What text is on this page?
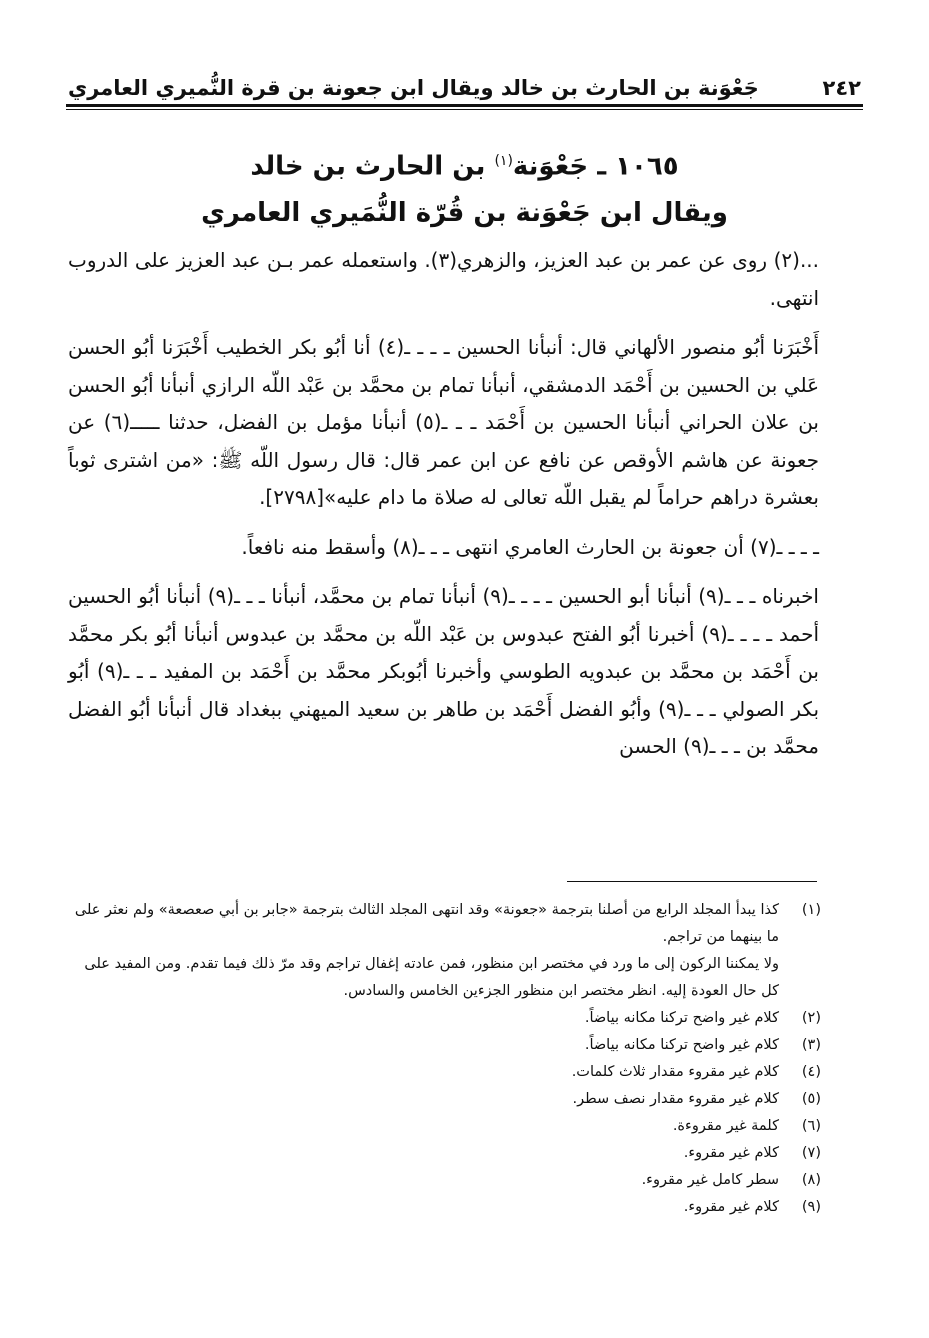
٢٤٢
جَعْوَنة بن الحارث بن خالد ويقال ابن جعونة بن قرة النُّميري العامري
١٠٦٥ ـ جَعْوَنة$^{(١)}$ بن الحارث بن خالد
ويقال ابن جَعْوَنة بن قُرّة النُّمَيري العامري

...(٢) روى عن عمر بن عبد العزيز، والزهري(٣). واستعمله عمر بـن عبد العزيز على الدروب انتهى.

أَخْبَرَنا أبُو منصور الألهاني قال: أنبأنا الحسين ـ ـ ـ ـ(٤) أنا أبُو بكر الخطيب أَخْبَرَنا أبُو الحسن عَلي بن الحسين بن أَحْمَد الدمشقي، أنبأنا تمام بن محمَّد بن عَبْد اللّه الرازي أنبأنا أبُو الحسن بن علان الحراني أنبأنا الحسين بن أَحْمَد ـ ـ ـ(٥) أنبأنا مؤمل بن الفضل، حدثنا ـــــ(٦) عن جعونة عن هاشم الأوقص عن نافع عن ابن عمر قال: قال رسول اللّه ﷺ: «من اشترى ثوباً بعشرة دراهم حراماً لم يقبل اللّه تعالى له صلاة ما دام عليه»[٢٧٩٨].

ـ ـ ـ ـ(٧) أن جعونة بن الحارث العامري انتهى ـ ـ ـ(٨) وأسقط منه نافعاً.

اخبرناه ـ ـ ـ(٩) أنبأنا أبو الحسين ـ ـ ـ ـ(٩) أنبأنا تمام بن محمَّد، أنبأنا ـ ـ ـ(٩) أنبأنا أبُو الحسين أحمد ـ ـ ـ ـ(٩) أخبرنا أبُو الفتح عبدوس بن عَبْد اللّه بن محمَّد بن عبدوس أنبأنا أبُو بكر محمَّد بن أَحْمَد بن محمَّد بن عبدويه الطوسي وأخبرنا أبُوبكر محمَّد بن أَحْمَد بن المفيد ـ ـ ـ(٩) أبُو بكر الصولي ـ ـ ـ(٩) وأبُو الفضل أَحْمَد بن طاهر بن سعيد الميهني ببغداد قال أنبأنا أبُو الفضل محمَّد بن ـ ـ ـ(٩) الحسن

(١)
كذا يبدأ المجلد الرابع من أصلنا بترجمة «جعونة» وقد انتهى المجلد الثالث بترجمة «جابر بن أبي صعصعة» ولم نعثر على ما بينهما من تراجم.
ولا يمكننا الركون إلى ما ورد في مختصر ابن منظور، فمن عادته إغفال تراجم وقد مرّ ذلك فيما تقدم. ومن المفيد على كل حال العودة إليه. انظر مختصر ابن منظور الجزءين الخامس والسادس.
(٢)
كلام غير واضح تركنا مكانه بياضاً.
(٣)
كلام غير واضح تركنا مكانه بياضاً.
(٤)
كلام غير مقروء مقدار ثلاث كلمات.
(٥)
كلام غير مقروء مقدار نصف سطر.
(٦)
كلمة غير مقروءة.
(٧)
كلام غير مقروء.
(٨)
سطر كامل غير مقروء.
(٩)
كلام غير مقروء.
